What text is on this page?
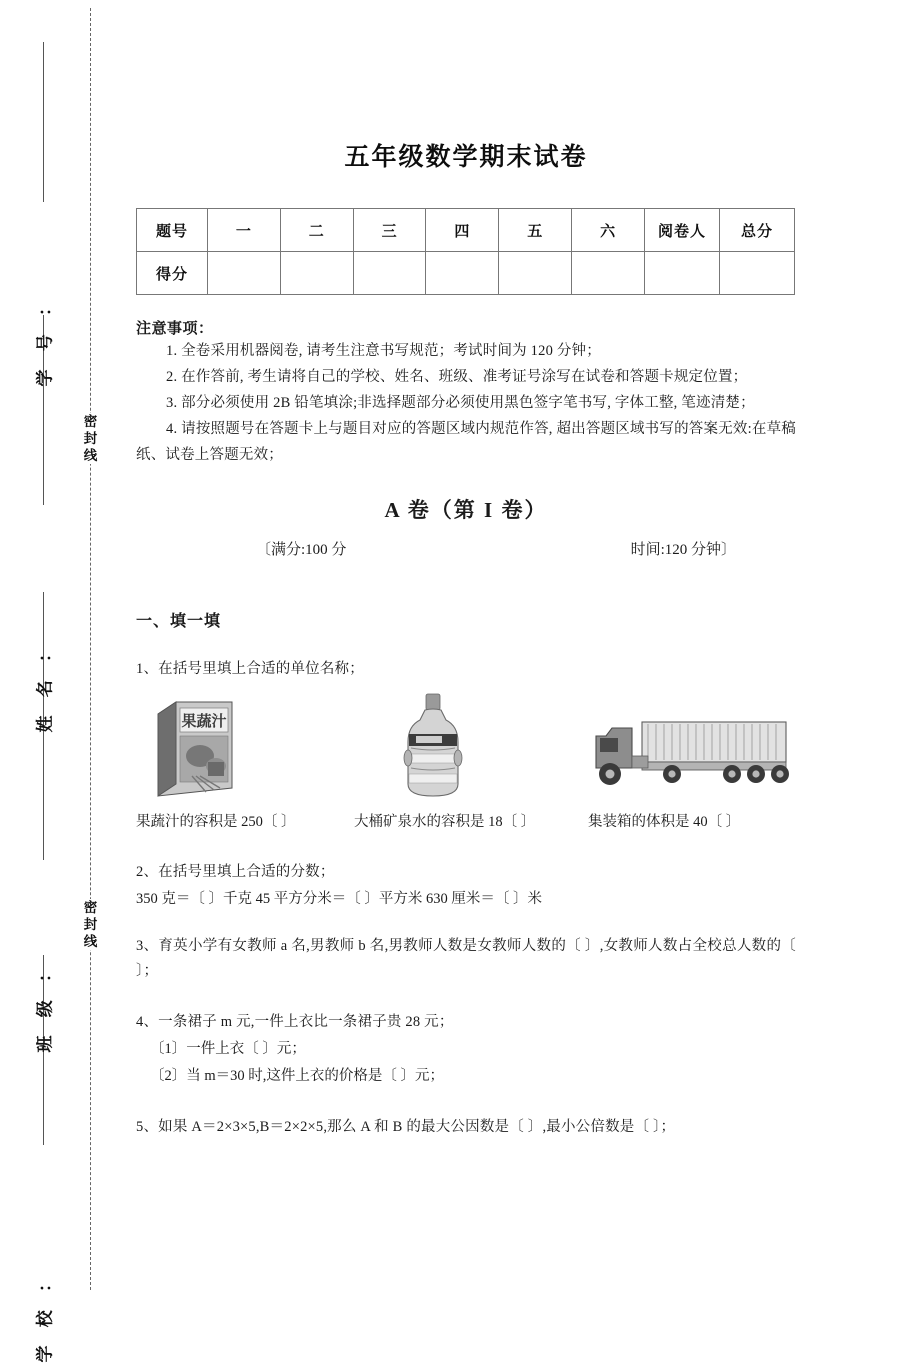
学 号 ：
姓 名 ：
班 级 ：
学 校 ：
密
封
线
密
封
线
五年级数学期末试卷
题号	一	二	三	四	五	六	阅卷人	总分
得分								
注意事项：
1. 全卷采用机器阅卷, 请考生注意书写规范；考试时间为 120 分钟；
2. 在作答前, 考生请将自己的学校、姓名、班级、准考证号涂写在试卷和答题卡规定位置；
3. 部分必须使用 2B 铅笔填涂;非选择题部分必须使用黑色签字笔书写, 字体工整, 笔迹清楚；
4. 请按照题号在答题卡上与题目对应的答题区域内规范作答, 超出答题区域书写的答案无效:在草稿纸、试卷上答题无效；
A 卷（第 I 卷）
〔满分:100 分	时间:120 分钟〕
一、填一填
1、在括号里填上合适的单位名称；
果蔬汁
果蔬汁的容积是 250〔 〕	大桶矿泉水的容积是 18〔 〕	集装箱的体积是 40〔 〕
2、在括号里填上合适的分数；
350 克＝〔 〕千克 45 平方分米＝〔 〕平方米 630 厘米＝〔 〕米
3、育英小学有女教师 a 名,男教师 b 名,男教师人数是女教师人数的〔 〕,女教师人数占全校总人数的〔 〕；
4、一条裙子 m 元,一件上衣比一条裙子贵 28 元；
〔1〕一件上衣〔 〕元；
〔2〕当 m＝30 时,这件上衣的价格是〔 〕元；
5、如果 A＝2×3×5,B＝2×2×5,那么 A 和 B 的最大公因数是〔 〕,最小公倍数是〔 〕；
